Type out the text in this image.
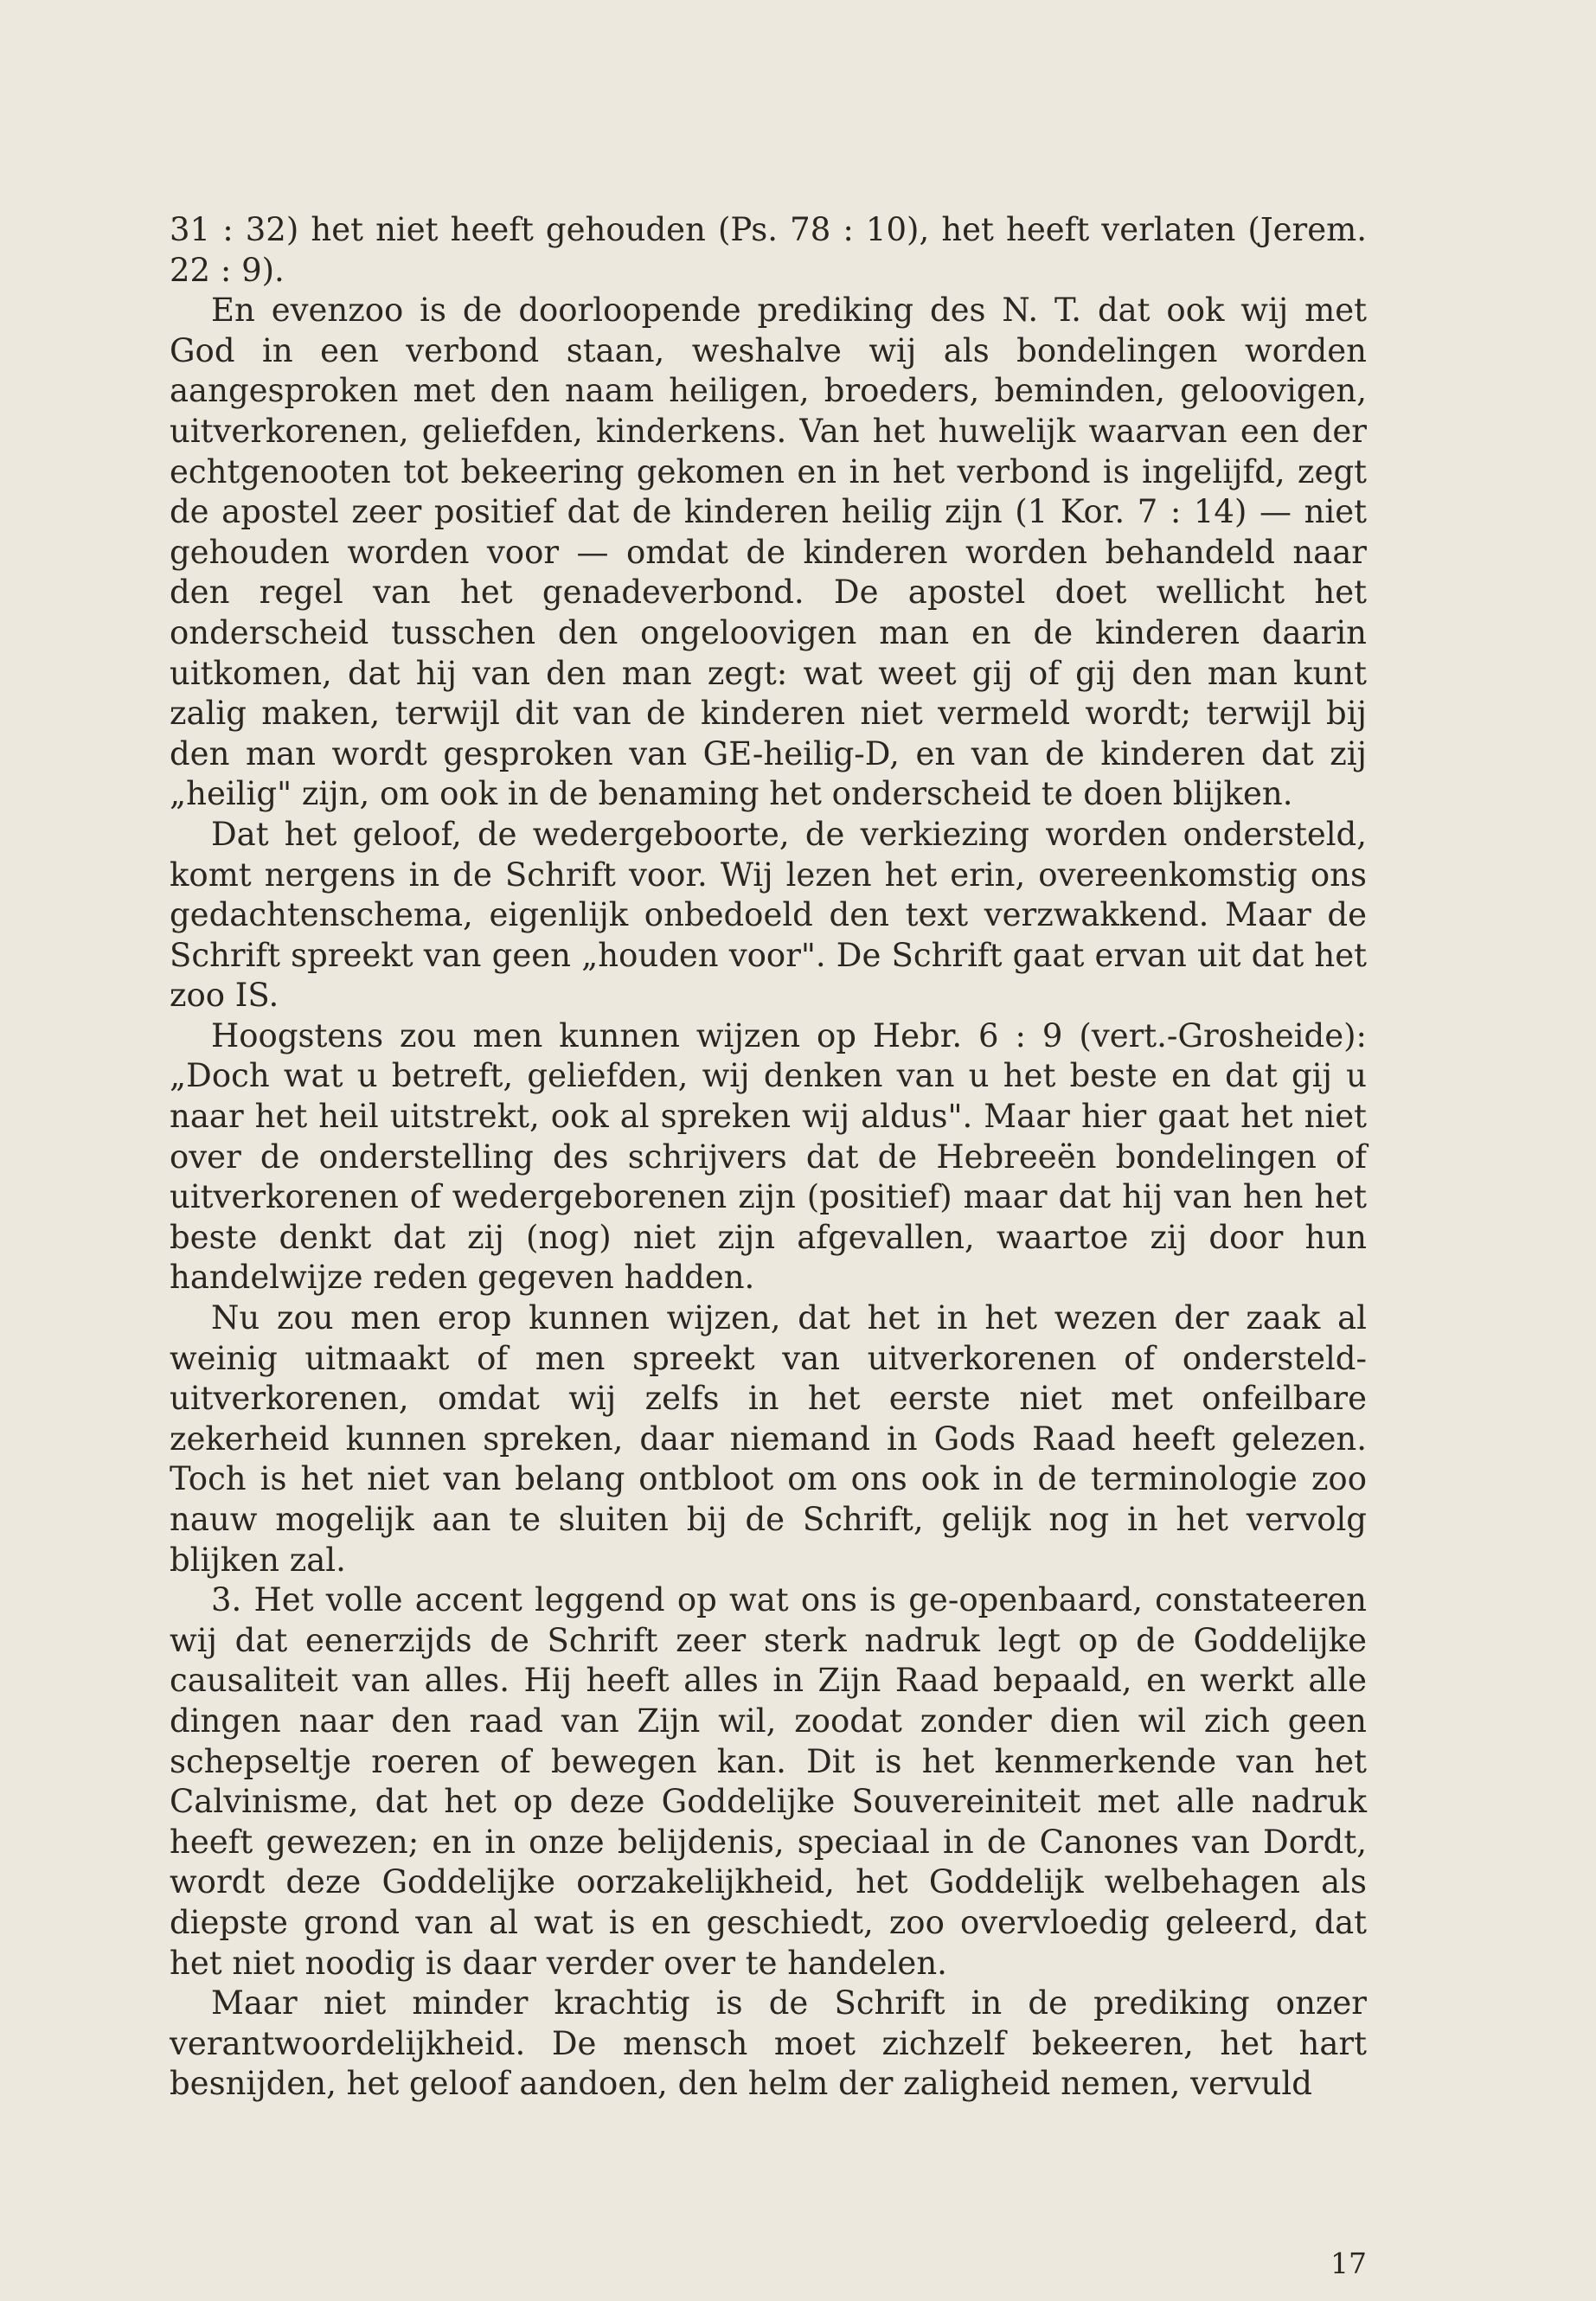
31 : 32) het niet heeft gehouden (Ps. 78 : 10), het heeft verlaten (Jerem. 22 : 9).

En evenzoo is de doorloopende prediking des N. T. dat ook wij met God in een verbond staan, weshalve wij als bondelingen worden aangesproken met den naam heiligen, broeders, beminden, geloovigen, uitverkorenen, geliefden, kinderkens. Van het huwelijk waarvan een der echtgenooten tot bekeering gekomen en in het verbond is ingelijfd, zegt de apostel zeer positief dat de kinderen heilig zijn (1 Kor. 7 : 14) — niet gehouden worden voor — omdat de kinderen worden behandeld naar den regel van het genadeverbond. De apostel doet wellicht het onderscheid tusschen den ongeloovigen man en de kinderen daarin uitkomen, dat hij van den man zegt: wat weet gij of gij den man kunt zalig maken, terwijl dit van de kinderen niet vermeld wordt; terwijl bij den man wordt gesproken van GE-heilig-D, en van de kinderen dat zij „heilig" zijn, om ook in de benaming het onderscheid te doen blijken.

Dat het geloof, de wedergeboorte, de verkiezing worden ondersteld, komt nergens in de Schrift voor. Wij lezen het erin, overeenkomstig ons gedachtenschema, eigenlijk onbedoeld den text verzwakkend. Maar de Schrift spreekt van geen „houden voor". De Schrift gaat ervan uit dat het zoo IS.

Hoogstens zou men kunnen wijzen op Hebr. 6 : 9 (vert.-Grosheide): „Doch wat u betreft, geliefden, wij denken van u het beste en dat gij u naar het heil uitstrekt, ook al spreken wij aldus". Maar hier gaat het niet over de onderstelling des schrijvers dat de Hebreeën bondelingen of uitverkorenen of wedergeborenen zijn (positief) maar dat hij van hen het beste denkt dat zij (nog) niet zijn afgevallen, waartoe zij door hun handelwijze reden gegeven hadden.

Nu zou men erop kunnen wijzen, dat het in het wezen der zaak al weinig uitmaakt of men spreekt van uitverkorenen of ondersteld-uitverkorenen, omdat wij zelfs in het eerste niet met onfeilbare zekerheid kunnen spreken, daar niemand in Gods Raad heeft gelezen. Toch is het niet van belang ontbloot om ons ook in de terminologie zoo nauw mogelijk aan te sluiten bij de Schrift, gelijk nog in het vervolg blijken zal.

3. Het volle accent leggend op wat ons is ge-openbaard, constateeren wij dat eenerzijds de Schrift zeer sterk nadruk legt op de Goddelijke causaliteit van alles. Hij heeft alles in Zijn Raad bepaald, en werkt alle dingen naar den raad van Zijn wil, zoodat zonder dien wil zich geen schepseltje roeren of bewegen kan. Dit is het kenmerkende van het Calvinisme, dat het op deze Goddelijke Souvereiniteit met alle nadruk heeft gewezen; en in onze belijdenis, speciaal in de Canones van Dordt, wordt deze Goddelijke oorzakelijkheid, het Goddelijk welbehagen als diepste grond van al wat is en geschiedt, zoo overvloedig geleerd, dat het niet noodig is daar verder over te handelen.

Maar niet minder krachtig is de Schrift in de prediking onzer verantwoordelijkheid. De mensch moet zichzelf bekeeren, het hart besnijden, het geloof aandoen, den helm der zaligheid nemen, vervuld

17
